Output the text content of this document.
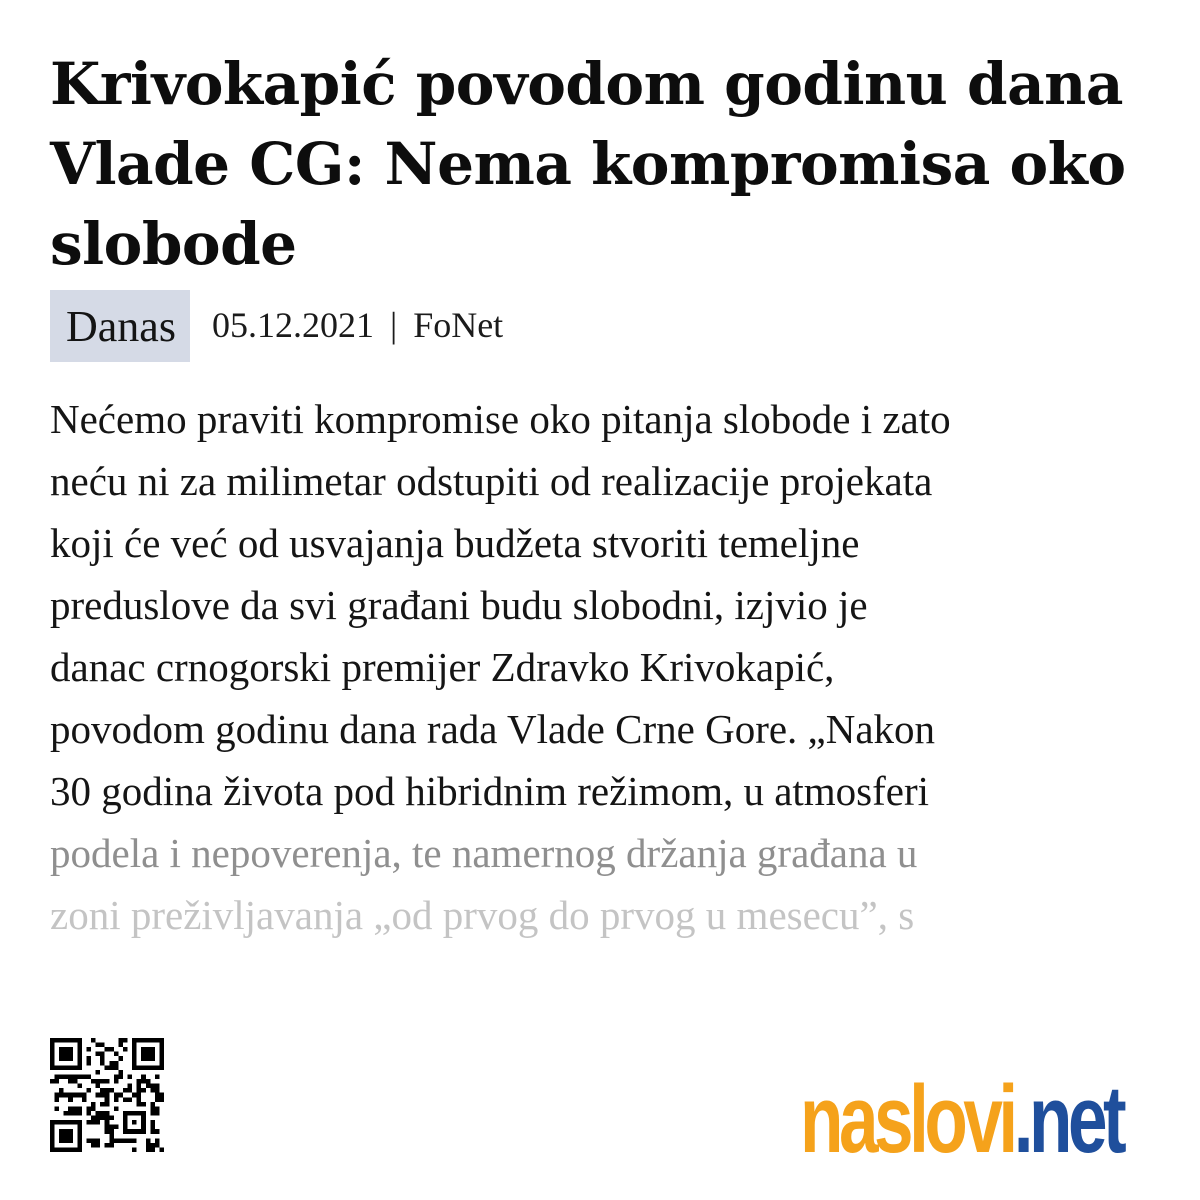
Krivokapić povodom godinu dana Vlade CG: Nema kompromisa oko slobode
Danas	05.12.2021 | FoNet
Nećemo praviti kompromise oko pitanja slobode i zato
neću ni za milimetar odstupiti od realizacije projekata
koji će već od usvajanja budžeta stvoriti temeljne
preduslove da svi građani budu slobodni, izjvio je
danac crnogorski premijer Zdravko Krivokapić,
povodom godinu dana rada Vlade Crne Gore. „Nakon
30 godina života pod hibridnim režimom, u atmosferi
podela i nepoverenja, te namernog držanja građana u
zoni preživljavanja „od prvog do prvog u mesecu”, s
naslovi.net
